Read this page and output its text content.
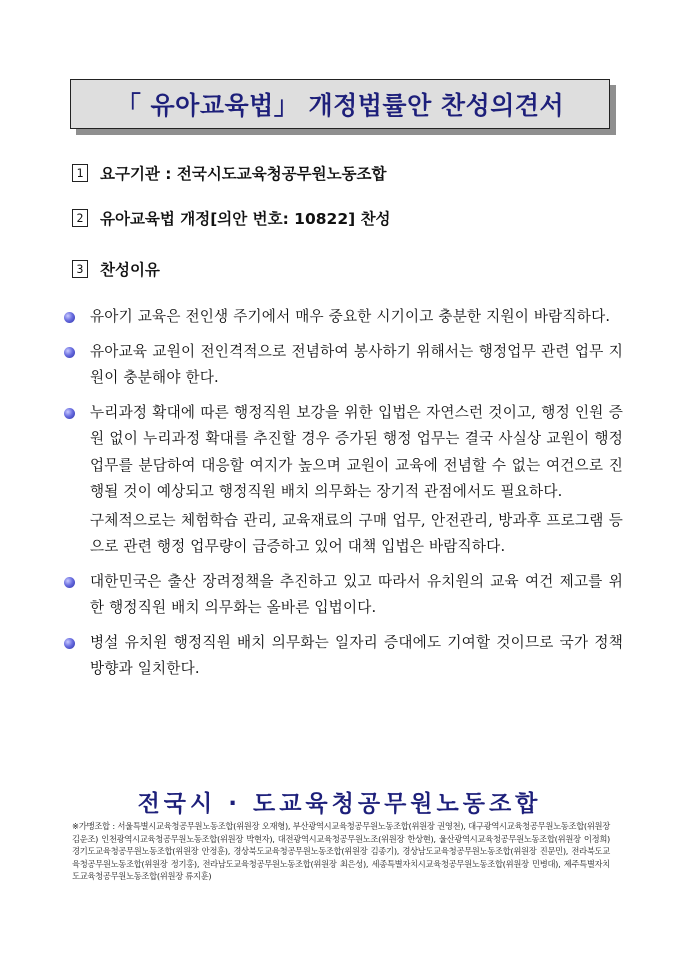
「 유아교육법」 개정법률안 찬성의견서
1 요구기관 : 전국시도교육청공무원노동조합
2 유아교육법 개정[의안 번호: 10822] 찬성
3 찬성이유
유아기 교육은 전인생 주기에서 매우 중요한 시기이고 충분한 지원이 바람직하다.
유아교육 교원이 전인격적으로 전념하여 봉사하기 위해서는 행정업무 관련 업무 지원이 충분해야 한다.
누리과정 확대에 따른 행정직원 보강을 위한 입법은 자연스런 것이고, 행정 인원 증원 없이 누리과정 확대를 추진할 경우 증가된 행정 업무는 결국 사실상 교원이 행정 업무를 분담하여 대응할 여지가 높으며 교원이 교육에 전념할 수 없는 여건으로 진행될 것이 예상되고 행정직원 배치 의무화는 장기적 관점에서도 필요하다.
구체적으로는 체험학습 관리, 교육재료의 구매 업무, 안전관리, 방과후 프로그램 등으로 관련 행정 업무량이 급증하고 있어 대책 입법은 바람직하다.
대한민국은 출산 장려정책을 추진하고 있고 따라서 유치원의 교육 여건 제고를 위한 행정직원 배치 의무화는 올바른 입법이다.
병설 유치원 행정직원 배치 의무화는 일자리 증대에도 기여할 것이므로 국가 정책방향과 일치한다.
전국시 · 도교육청공무원노동조합
※가맹조합 : 서울특별시교육청공무원노동조합(위원장 오재형), 부산광역시교육청공무원노동조합(위원장 권영천), 대구광역시교육청공무원노동조합(위원장 김운조) 인천광역시교육청공무원노동조합(위원장 박현자), 대전광역시교육청공무원노조(위원장 한상현), 울산광역시교육청공무원노동조합(위원장 이정희) 경기도교육청공무원노동조합(위원장 안정훈), 경상북도교육청공무원노동조합(위원장 김종기), 경상남도교육청공무원노동조합(위원장 진문민), 전라북도교육청공무원노동조합(위원장 정기홍), 전라남도교육청공무원노동조합(위원장 최은성), 세종특별자치시교육청공무원노동조합(위원장 민병대), 제주특별자치도교육청공무원노동조합(위원장 류지훈)
